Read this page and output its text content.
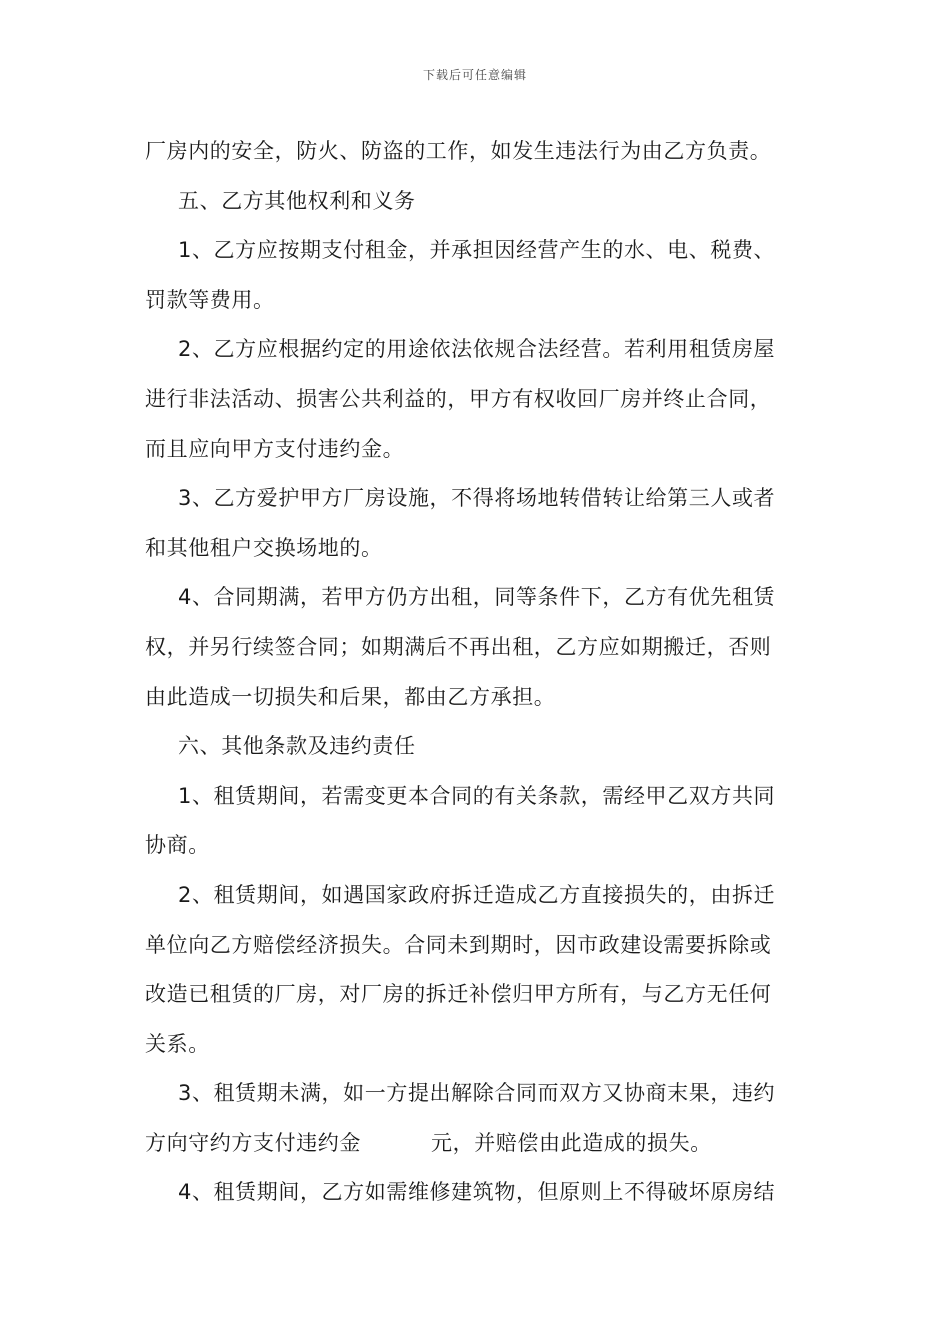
下载后可任意编辑
厂房内的安全，防火、防盗的工作，如发生违法行为由乙方负责。
五、乙方其他权利和义务
1、乙方应按期支付租金，并承担因经营产生的水、电、税费、
罚款等费用。
2、乙方应根据约定的用途依法依规合法经营。若利用租赁房屋
进行非法活动、损害公共利益的，甲方有权收回厂房并终止合同，
而且应向甲方支付违约金。
3、乙方爱护甲方厂房设施，不得将场地转借转让给第三人或者
和其他租户交换场地的。
4、合同期满，若甲方仍方出租，同等条件下，乙方有优先租赁
权，并另行续签合同；如期满后不再出租，乙方应如期搬迁，否则
由此造成一切损失和后果，都由乙方承担。
六、其他条款及违约责任
1、租赁期间，若需变更本合同的有关条款，需经甲乙双方共同
协商。
2、租赁期间，如遇国家政府拆迁造成乙方直接损失的，由拆迁
单位向乙方赔偿经济损失。合同未到期时，因市政建设需要拆除或
改造已租赁的厂房，对厂房的拆迁补偿归甲方所有，与乙方无任何
关系。
3、租赁期未满，如一方提出解除合同而双方又协商末果，违约
方向守约方支付违约金	元，并赔偿由此造成的损失。
4、租赁期间，乙方如需维修建筑物，但原则上不得破坏原房结
